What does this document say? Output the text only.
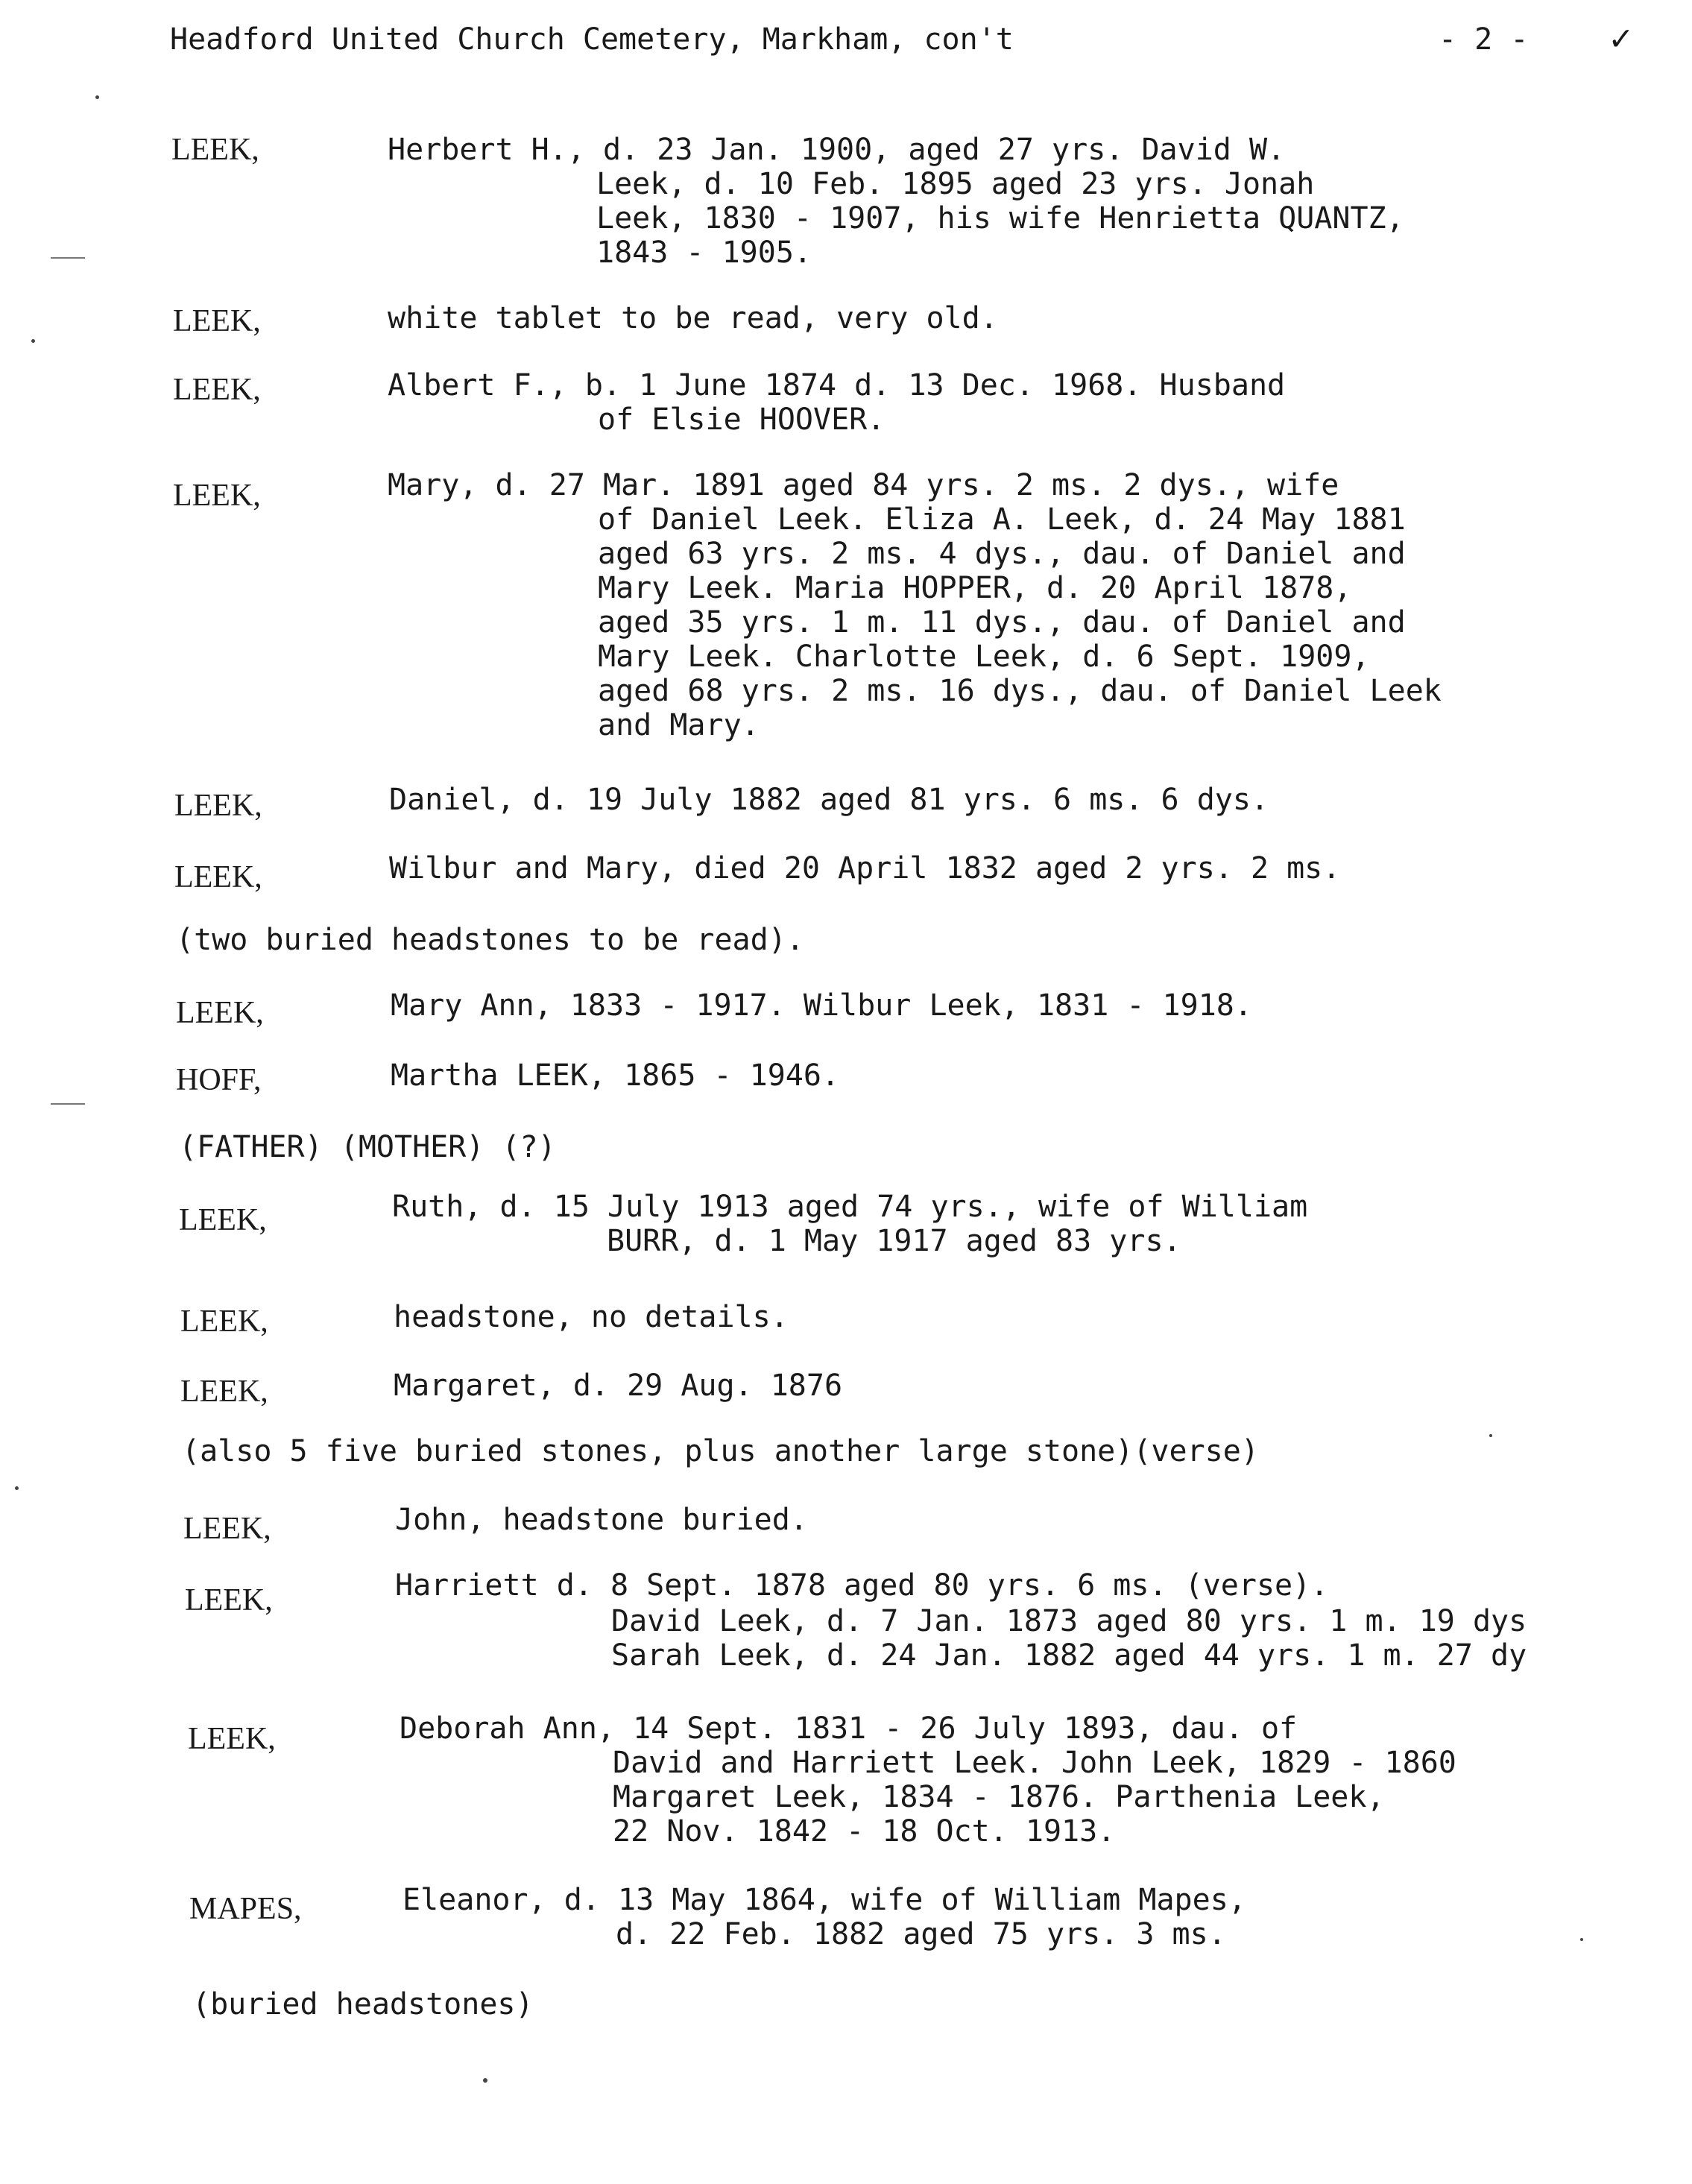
Headford United Church Cemetery, Markham, con't	- 2 - ✓
LEEK,	Herbert H., d. 23 Jan. 1900, aged 27 yrs. David W.
Leek, d. 10 Feb. 1895 aged 23 yrs. Jonah
Leek, 1830 - 1907, his wife Henrietta QUANTZ,
1843 - 1905.
LEEK,	white tablet to be read, very old.
LEEK,	Albert F., b. 1 June 1874 d. 13 Dec. 1968. Husband
of Elsie HOOVER.
LEEK,	Mary, d. 27 Mar. 1891 aged 84 yrs. 2 ms. 2 dys., wife
of Daniel Leek. Eliza A. Leek, d. 24 May 1881
aged 63 yrs. 2 ms. 4 dys., dau. of Daniel and
Mary Leek. Maria HOPPER, d. 20 April 1878,
aged 35 yrs. 1 m. 11 dys., dau. of Daniel and
Mary Leek. Charlotte Leek, d. 6 Sept. 1909,
aged 68 yrs. 2 ms. 16 dys., dau. of Daniel Leek
and Mary.
LEEK,	Daniel, d. 19 July 1882 aged 81 yrs. 6 ms. 6 dys.
LEEK,	Wilbur and Mary, died 20 April 1832 aged 2 yrs. 2 ms.
(two buried headstones to be read).
LEEK,	Mary Ann, 1833 - 1917. Wilbur Leek, 1831 - 1918.
HOFF,	Martha LEEK, 1865 - 1946.
(FATHER) (MOTHER) (?)
LEEK,	Ruth, d. 15 July 1913 aged 74 yrs., wife of William
BURR, d. 1 May 1917 aged 83 yrs.
LEEK,	headstone, no details.
LEEK,	Margaret, d. 29 Aug. 1876
(also 5 five buried stones, plus another large stone)(verse)
LEEK,	John, headstone buried.
LEEK,	Harriett d. 8 Sept. 1878 aged 80 yrs. 6 ms. (verse).
David Leek, d. 7 Jan. 1873 aged 80 yrs. 1 m. 19 dys
Sarah Leek, d. 24 Jan. 1882 aged 44 yrs. 1 m. 27 dy
LEEK,	Deborah Ann, 14 Sept. 1831 - 26 July 1893, dau. of
David and Harriett Leek. John Leek, 1829 - 1860
Margaret Leek, 1834 - 1876. Parthenia Leek,
22 Nov. 1842 - 18 Oct. 1913.
MAPES,	Eleanor, d. 13 May 1864, wife of William Mapes,
d. 22 Feb. 1882 aged 75 yrs. 3 ms.
(buried headstones)
